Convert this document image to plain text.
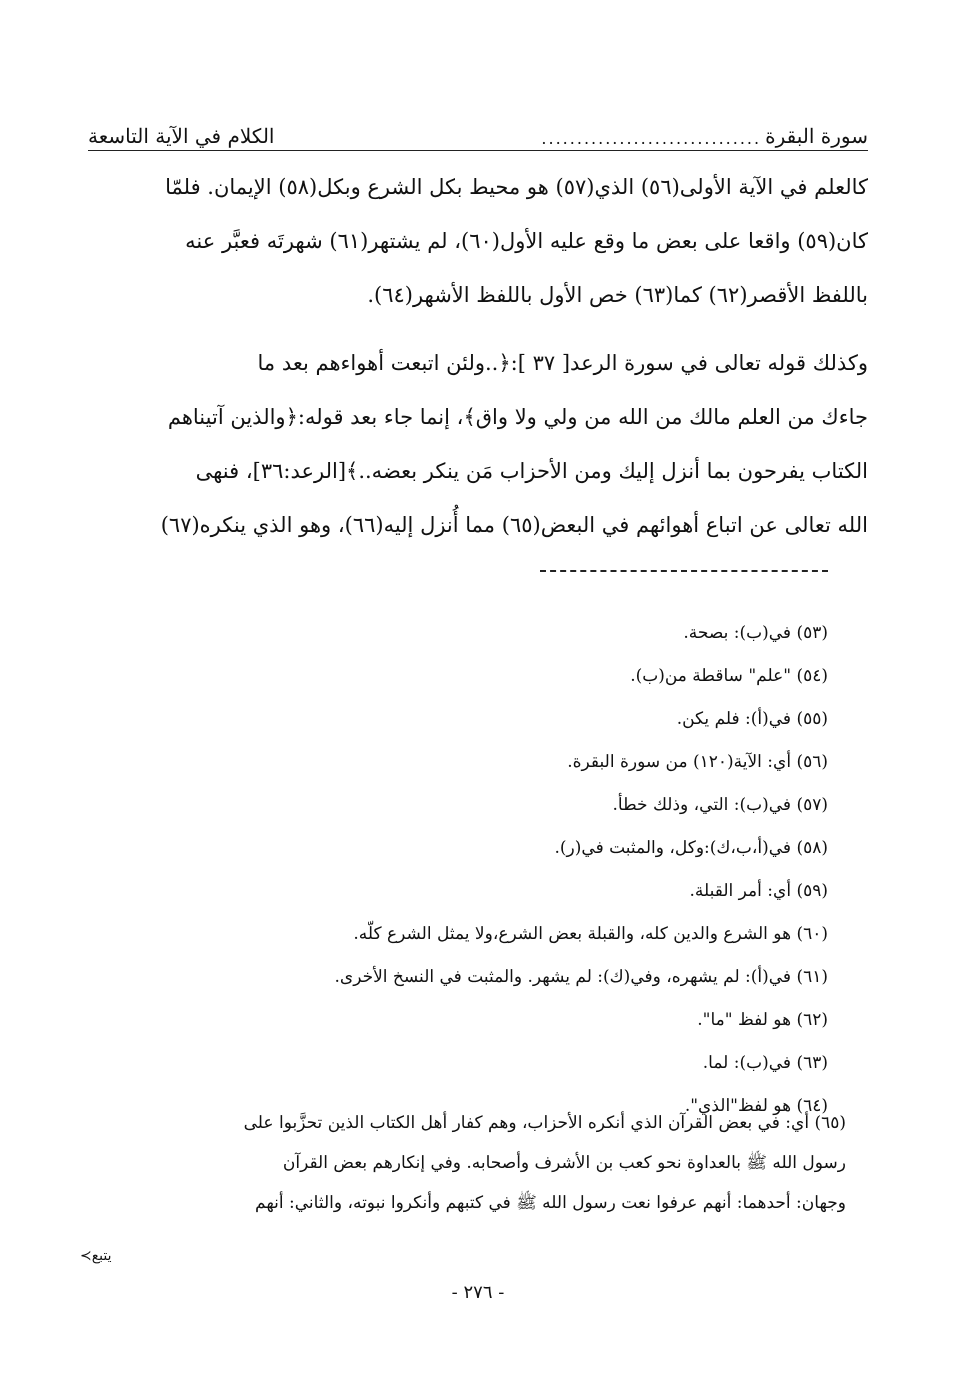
سورة البقرة
...............................
الكلام في الآية التاسعة

كالعلم في الآية الأولى(٥٦) الذي(٥٧) هو محيط بكل الشرع وبكل(٥٨) الإيمان. فلمّا
كان(٥٩) واقعا على بعض ما وقع عليه الأول(٦٠)، لم يشتهر(٦١) شهرتَه فعبَّر عنه
باللفظ الأقصر(٦٢) كما(٦٣) خص الأول باللفظ الأشهر(٦٤).

وكذلك قوله تعالى في سورة الرعد[ ٣٧ ]:﴿..ولئن اتبعت أهواءهم بعد ما
جاءك من العلم مالك من الله من ولي ولا واق﴾، إنما جاء بعد قوله:﴿والذين آتيناهم
الكتاب يفرحون بما أنزل إليك ومن الأحزاب مَن ينكر بعضه..﴾[الرعد:٣٦]، فنهى
الله تعالى عن اتباع أهوائهم في البعض(٦٥) مما أُنزل إليه(٦٦)، وهو الذي ينكره(٦٧)

(٥٣) في(ب): بصحة.
(٥٤) "علم" ساقطة من(ب).
(٥٥) في(أ): فلم يكن.
(٥٦) أي: الآية(١٢٠) من سورة البقرة.
(٥٧) في(ب): التي، وذلك خطأ.
(٥٨) في(أ،ب،ك):وكل، والمثبت في(ر).
(٥٩) أي: أمر القبلة.
(٦٠) هو الشرع والدين كله، والقبلة بعض الشرع،ولا يمثل الشرع كلّه.
(٦١) في(أ): لم يشهره، وفي(ك): لم يشهر. والمثبت في النسخ الأخرى.
(٦٢) هو لفظ "ما".
(٦٣) في(ب): لما.
(٦٤) هو لفظ"الذي".
(٦٥) أي: في بعض القرآن الذي أنكره الأحزاب، وهم كفار أهل الكتاب الذين تحزَّبوا على
رسول الله ﷺ بالعداوة نحو كعب بن الأشرف وأصحابه. وفي إنكارهم بعض القرآن
وجهان: أحدهما: أنهم عرفوا نعت رسول الله ﷺ في كتبهم وأنكروا نبوته، والثاني: أنهم
يتبع≻
- ٢٧٦ -
